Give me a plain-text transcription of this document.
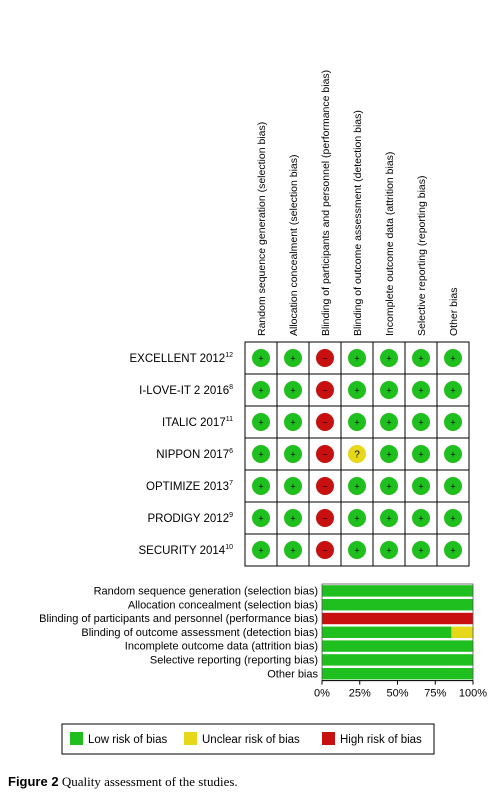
Random sequence generation (selection bias) Allocation concealment (selection bias) Blinding of participants and personnel (performance bias) Blinding of outcome assessment (detection bias) Incomplete outcome data (attrition bias) Selective reporting (reporting bias) Other bias
EXCELLENT $2012^{12}$	+	+	−	+	+	+	+
I-LOVE-IT 2 $2016^8$	+	+	−	+	+	+	+
ITALIC $2017^{11}$	+	+	−	+	+	+	+
NIPPON $2017^6$	+	+	−	?	+	+	+
OPTIMIZE $2013^7$	+	+	−	+	+	+	+
PRODIGY $2012^9$	+	+	−	+	+	+	+
SECURITY $2014^{10}$	+	+	−	+	+	+	+
Random sequence generation (selection bias)
Allocation concealment (selection bias)
Blinding of participants and personnel (performance bias)
Blinding of outcome assessment (detection bias)
Incomplete outcome data (attrition bias)
Selective reporting (reporting bias)
Other bias
0% 25% 50% 75% 100%
Low risk of bias	Unclear risk of bias	High risk of bias
Figure 2 Quality assessment of the studies.
